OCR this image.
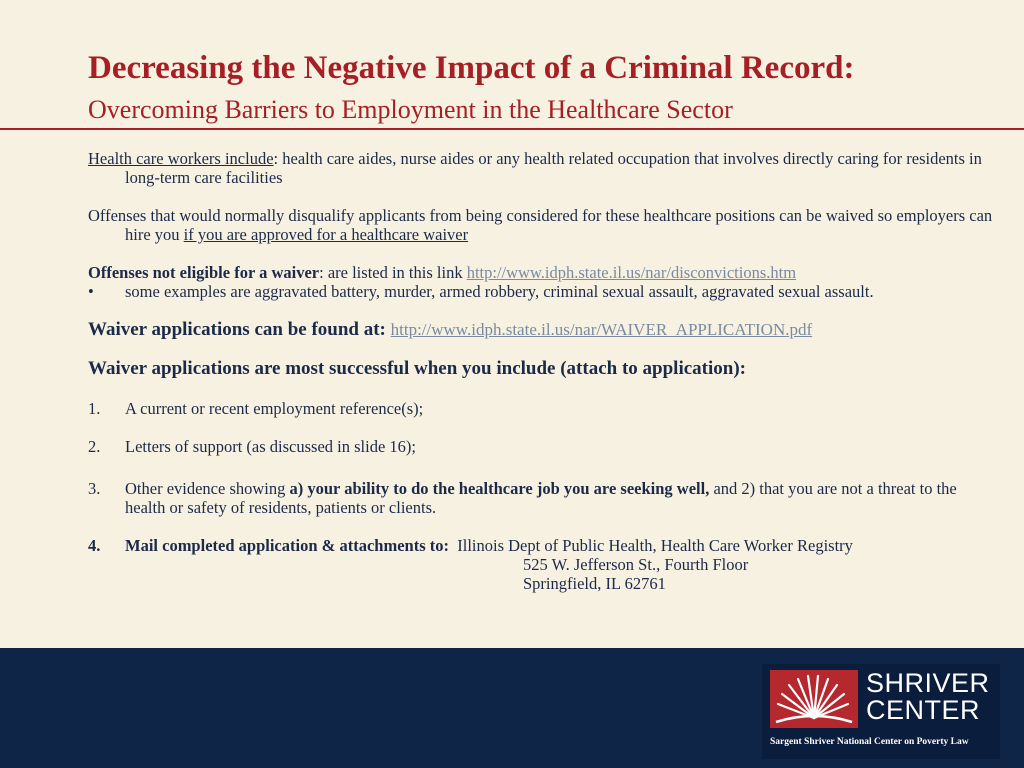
Decreasing the Negative Impact of a Criminal Record:
Overcoming Barriers to Employment in the Healthcare Sector

Health care workers include: health care aides, nurse aides or any health related occupation that involves directly caring for residents in long-term care facilities

Offenses that would normally disqualify applicants from being considered for these healthcare positions can be waived so employers can hire you if you are approved for a healthcare waiver

Offenses not eligible for a waiver: are listed in this link http://www.idph.state.il.us/nar/disconvictions.htm

• some examples are aggravated battery, murder, armed robbery, criminal sexual assault, aggravated sexual assault.

Waiver applications can be found at: http://www.idph.state.il.us/nar/WAIVER_APPLICATION.pdf

Waiver applications are most successful when you include (attach to application):

1. A current or recent employment reference(s);
2. Letters of support (as discussed in slide 16);
3. Other evidence showing a) your ability to do the healthcare job you are seeking well, and 2) that you are not a threat to the health or safety of residents, patients or clients.
4. Mail completed application & attachments to: Illinois Dept of Public Health, Health Care Worker Registry
525 W. Jefferson St., Fourth Floor
Springfield, IL 62761
SHRIVER
CENTER
Sargent Shriver National Center on Poverty Law
